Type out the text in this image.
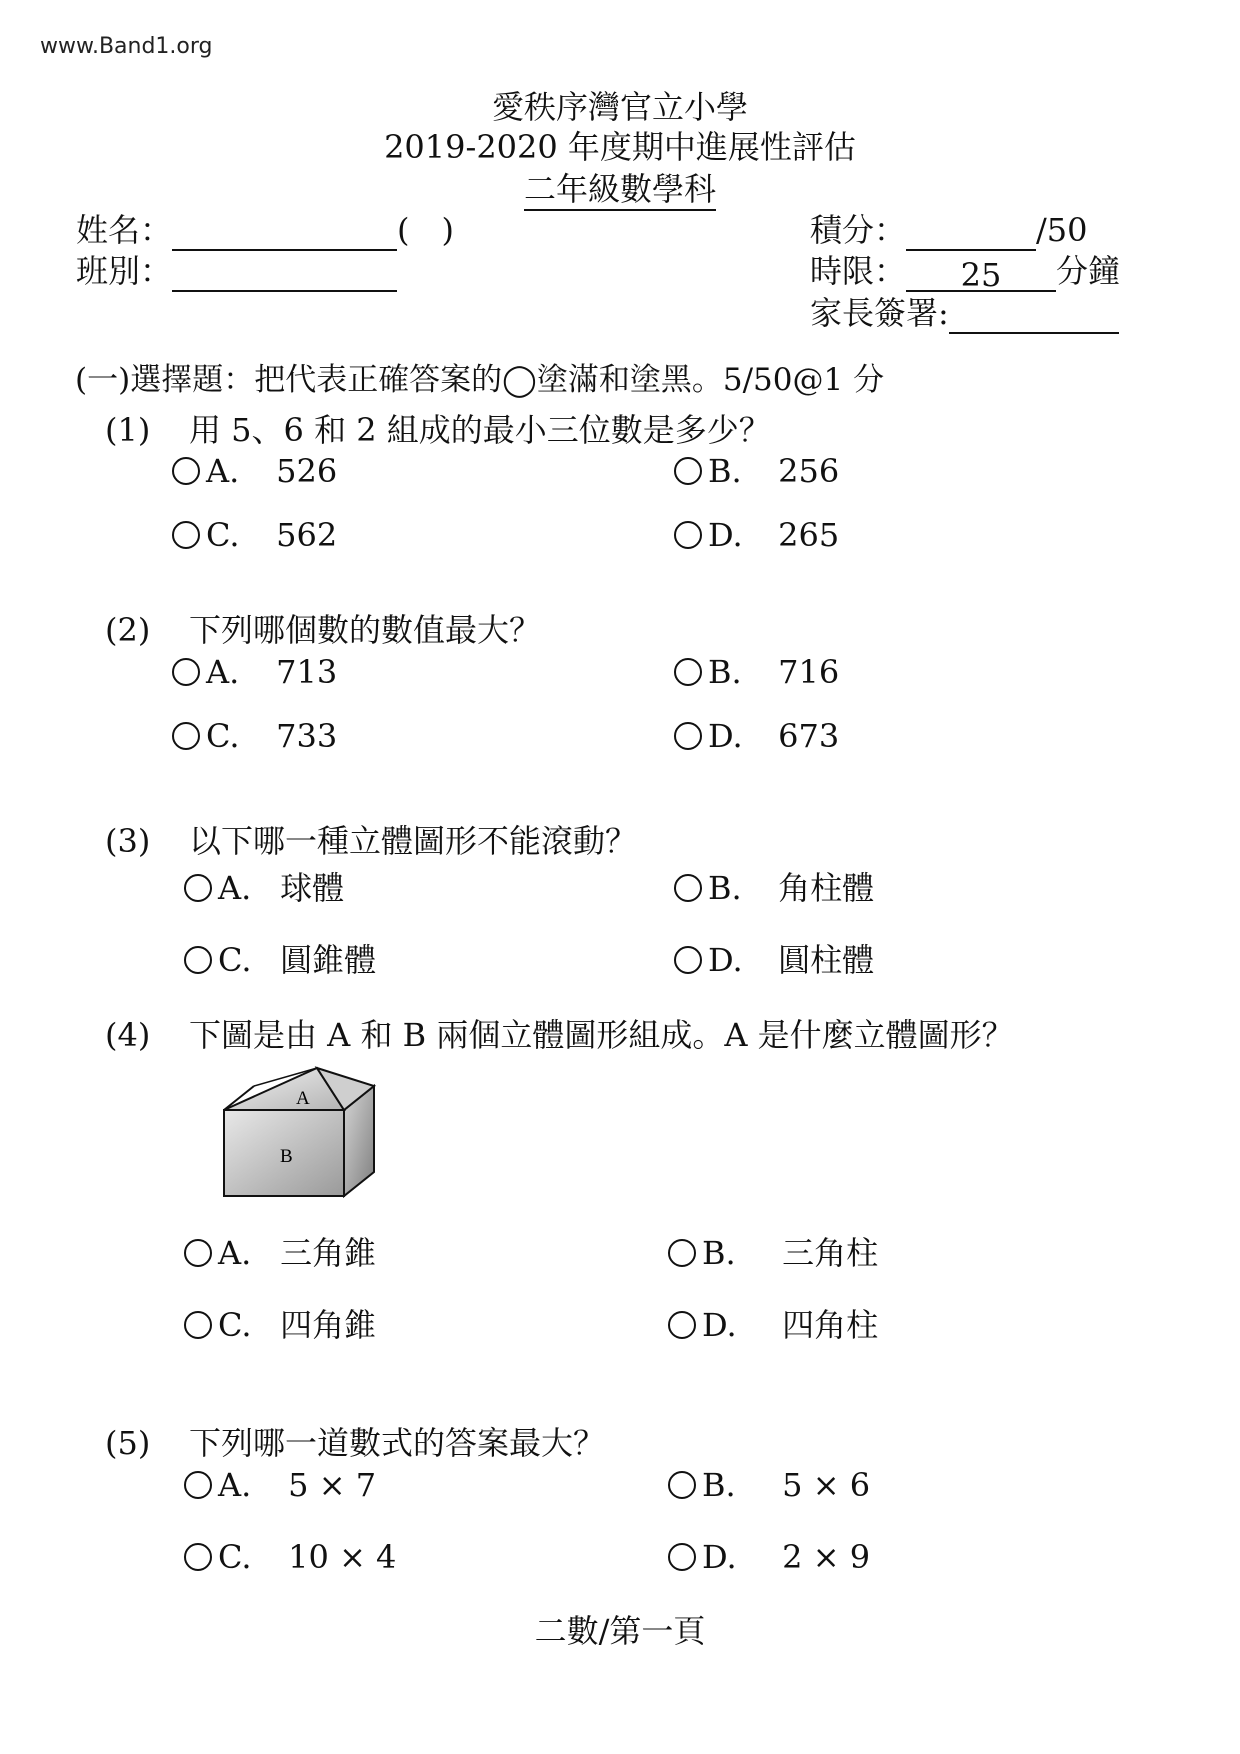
www.Band1.org
愛秩序灣官立小學
2019-2020 年度期中進展性評估
二年級數學科
姓名：	(　)
班別：
積分：	/50
時限： 25 分鐘
家長簽署:
(一)選擇題：把代表正確答案的◯塗滿和塗黑。5/50@1 分
(1) 用 5、6 和 2 組成的最小三位數是多少？
A. 526	B. 256
C. 562	D. 265
(2) 下列哪個數的數值最大？
A. 713	B. 716
C. 733	D. 673
(3) 以下哪一種立體圖形不能滾動？
A. 球體	B. 角柱體
C. 圓錐體	D. 圓柱體
(4) 下圖是由 A 和 B 兩個立體圖形組成。A 是什麼立體圖形？
A
B
A. 三角錐	B. 三角柱
C. 四角錐	D. 四角柱
(5) 下列哪一道數式的答案最大？
A. 5 × 7	B. 5 × 6
C. 10 × 4	D. 2 × 9
二數/第一頁
